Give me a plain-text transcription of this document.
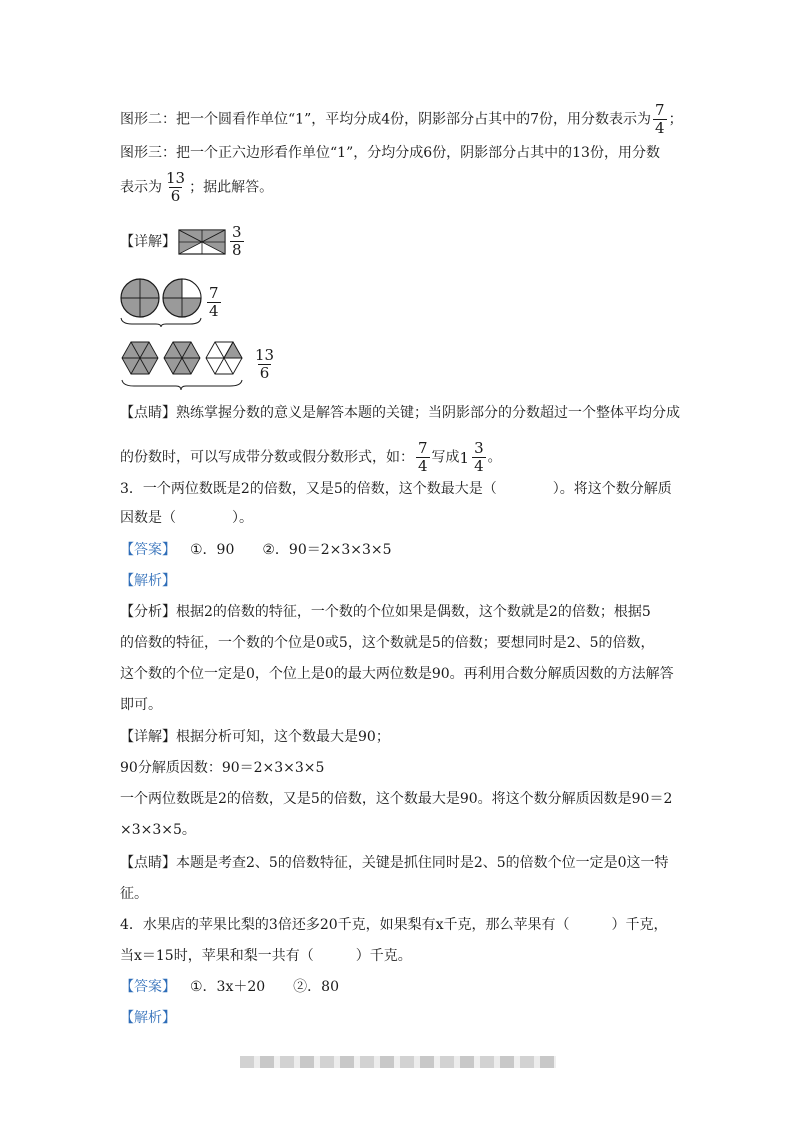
图形二：把一个圆看作单位“1”，平均分成4份，阴影部分占其中的7份，用分数表示为 $\frac{7}{4}$ ；
图形三：把一个正六边形看作单位“1”，分均分成6份，阴影部分占其中的13份，用分数
表示为 $\frac{13}{6}$ ；据此解答。
【详解】	$\frac{3}{8}$
$\frac{7}{4}$
$\frac{13}{6}$
【点睛】熟练掌握分数的意义是解答本题的关键；当阴影部分的分数超过一个整体平均分成
的份数时，可以写成带分数或假分数形式，如： $\frac{7}{4}$ 写成 $1 \frac{3}{4}$ 。
3．一个两位数既是2的倍数，又是5的倍数，这个数最大是（　　　　）。将这个数分解质
因数是（　　　　）。
【答案】 ①．90　　②．90＝2×3×3×5
【解析】
【分析】根据2的倍数的特征，一个数的个位如果是偶数，这个数就是2的倍数；根据5
的倍数的特征，一个数的个位是0或5，这个数就是5的倍数；要想同时是2、5的倍数，
这个数的个位一定是0，个位上是0的最大两位数是90。再利用合数分解质因数的方法解答
即可。
【详解】根据分析可知，这个数最大是90；
90分解质因数：90＝2×3×3×5
一个两位数既是2的倍数，又是5的倍数，这个数最大是90。将这个数分解质因数是90＝2
×3×3×5。
【点睛】本题是考查2、5的倍数特征，关键是抓住同时是2、5的倍数个位一定是0这一特
征。
4．水果店的苹果比梨的3倍还多20千克，如果梨有x千克，那么苹果有（　　　）千克，
当x＝15时，苹果和梨一共有（　　　）千克。
【答案】 ①．3x＋20　　②．80
【解析】
